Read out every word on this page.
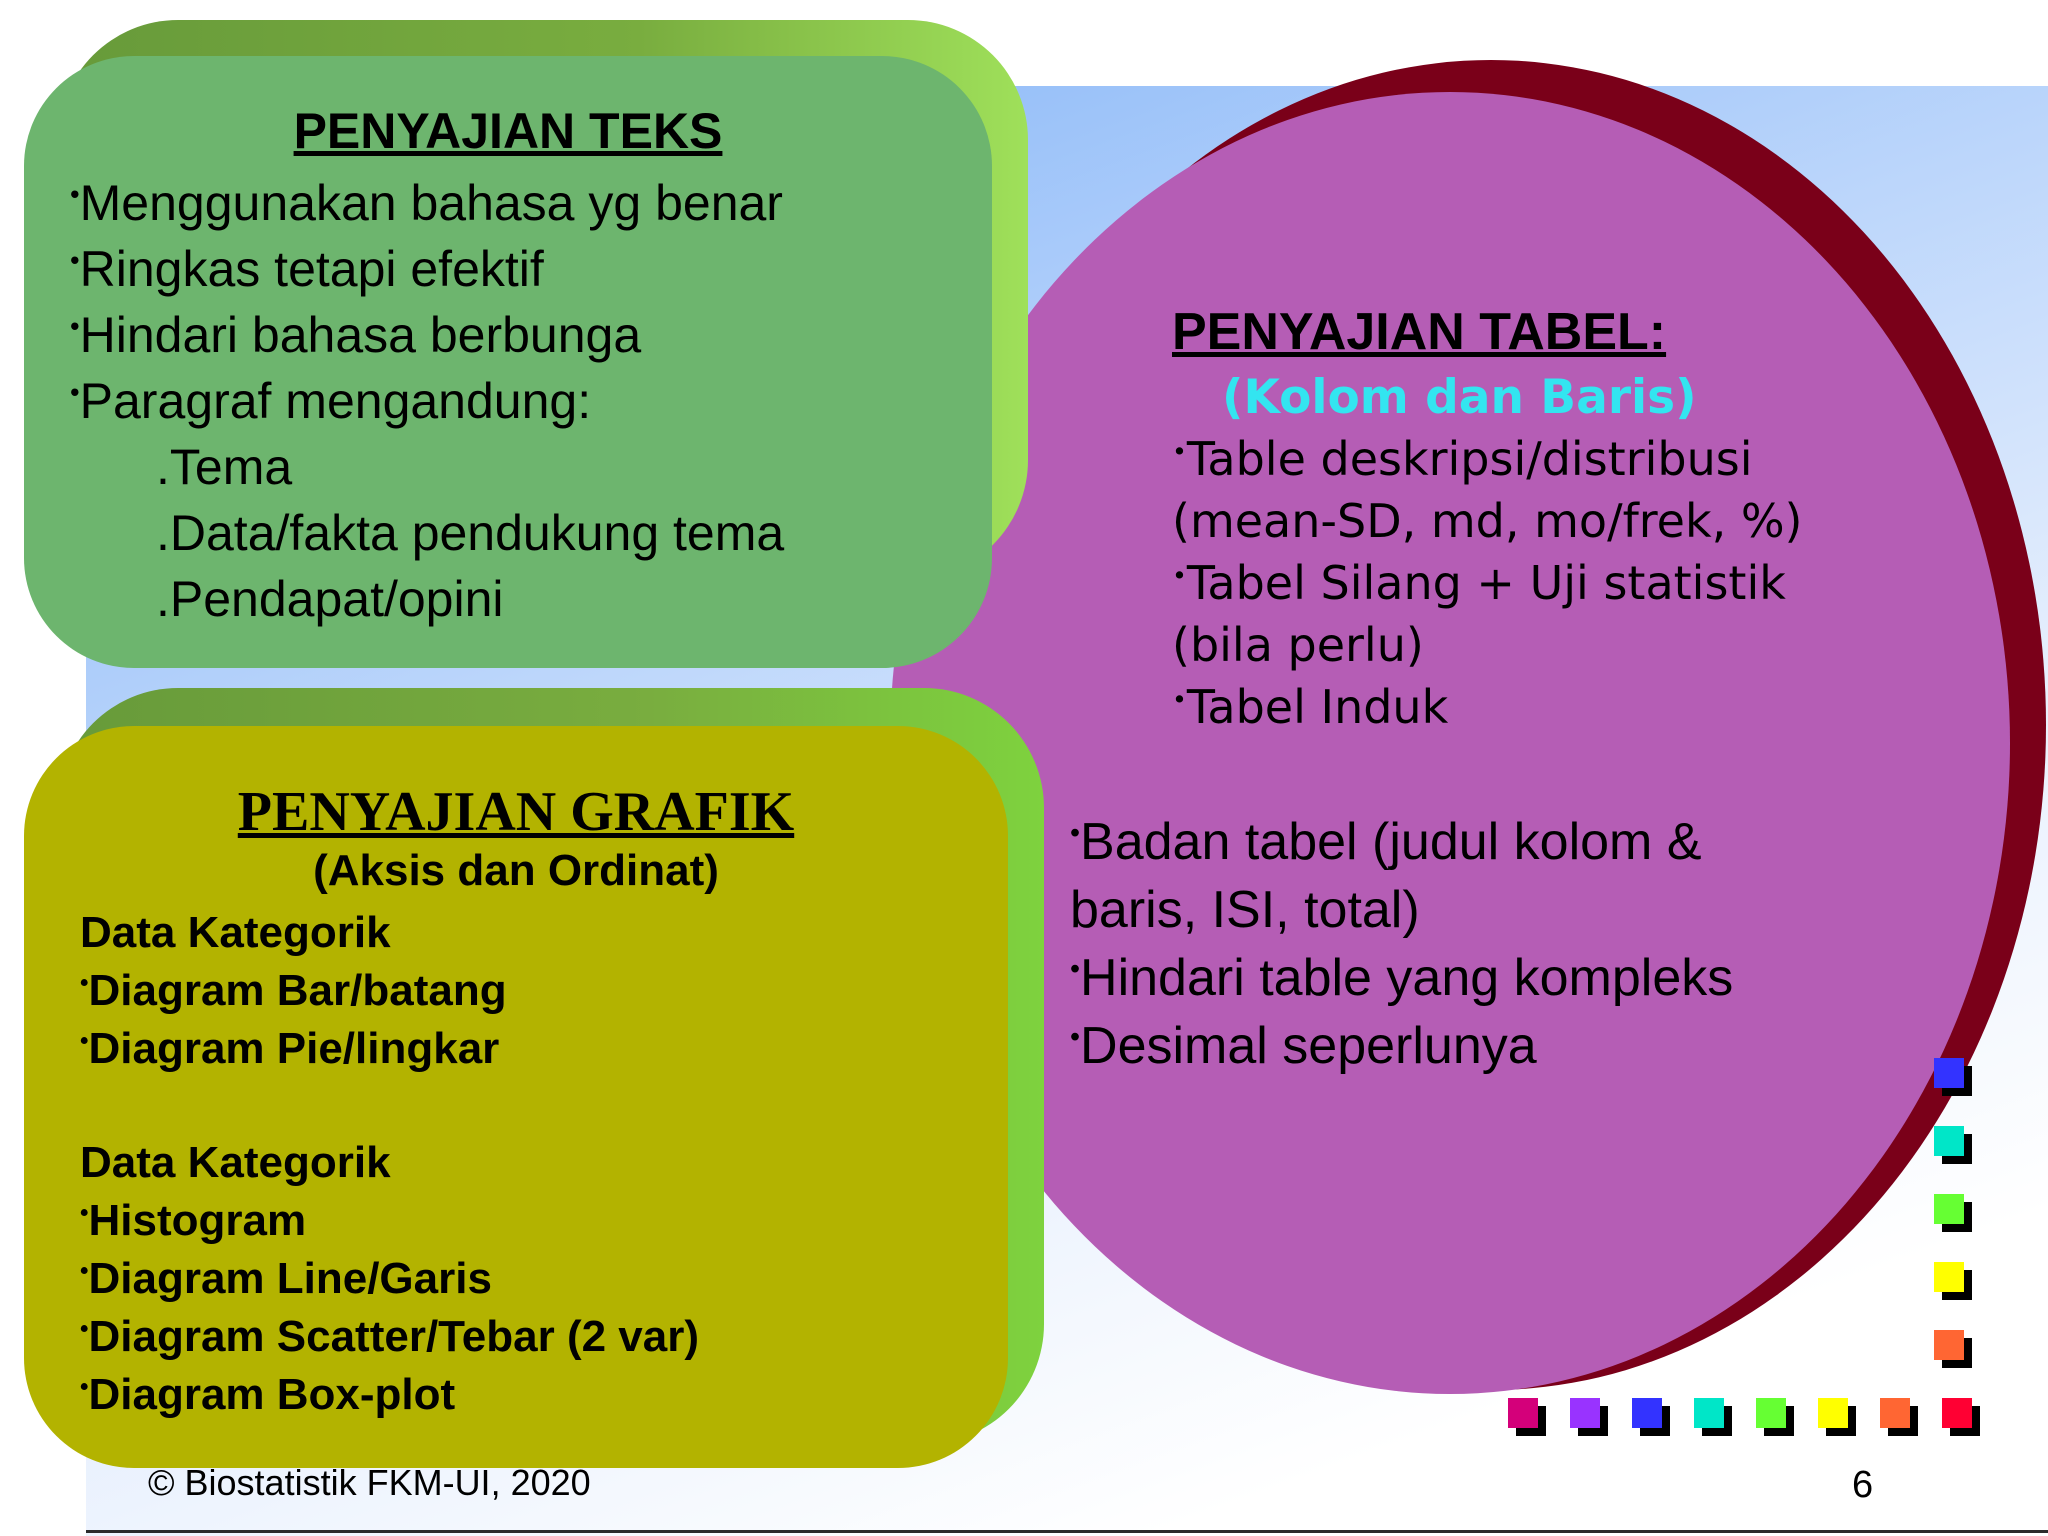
PENYAJIAN TEKS
•Menggunakan bahasa yg benar
•Ringkas tetapi efektif
•Hindari bahasa berbunga
•Paragraf mengandung:
.Tema
.Data/fakta pendukung tema
.Pendapat/opini
PENYAJIAN TABEL:
(Kolom dan Baris)
•Table deskripsi/distribusi
(mean-SD, md, mo/frek, %)
•Tabel Silang + Uji statistik
(bila perlu)
•Tabel Induk
•Badan tabel (judul kolom &
baris, ISI, total)
•Hindari table yang kompleks
•Desimal seperlunya
PENYAJIAN GRAFIK
(Aksis dan Ordinat)
Data Kategorik
•Diagram Bar/batang
•Diagram Pie/lingkar
Data Kategorik
•Histogram
•Diagram Line/Garis
•Diagram Scatter/Tebar (2 var)
•Diagram Box-plot
© Biostatistik FKM-UI, 2020	6
